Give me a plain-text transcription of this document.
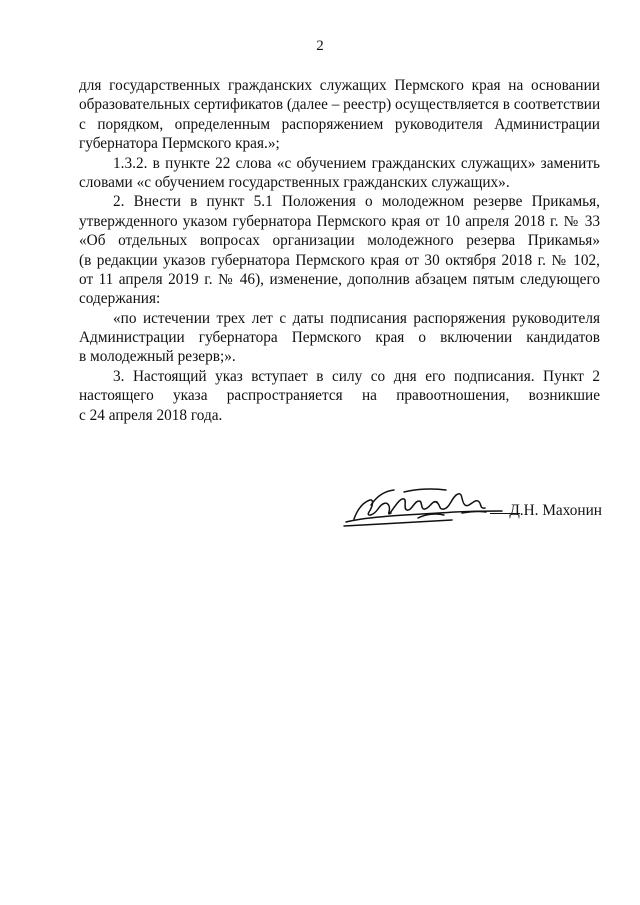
2
для государственных гражданских служащих Пермского края на основании
образовательных сертификатов (далее – реестр) осуществляется в соответствии
с порядком, определенным распоряжением руководителя Администрации
губернатора Пермского края.»;
1.3.2. в пункте 22 слова «с обучением гражданских служащих» заменить
словами «с обучением государственных гражданских служащих».
2. Внести в пункт 5.1 Положения о молодежном резерве Прикамья,
утвержденного указом губернатора Пермского края от 10 апреля 2018 г. № 33
«Об отдельных вопросах организации молодежного резерва Прикамья»
(в редакции указов губернатора Пермского края от 30 октября 2018 г. № 102,
от 11 апреля 2019 г. № 46), изменение, дополнив абзацем пятым следующего
содержания:
«по истечении трех лет с даты подписания распоряжения руководителя
Администрации губернатора Пермского края о включении кандидатов
в молодежный резерв;».
3. Настоящий указ вступает в силу со дня его подписания. Пункт 2
настоящего указа распространяется на правоотношения, возникшие
с 24 апреля 2018 года.
Д.Н. Махонин
